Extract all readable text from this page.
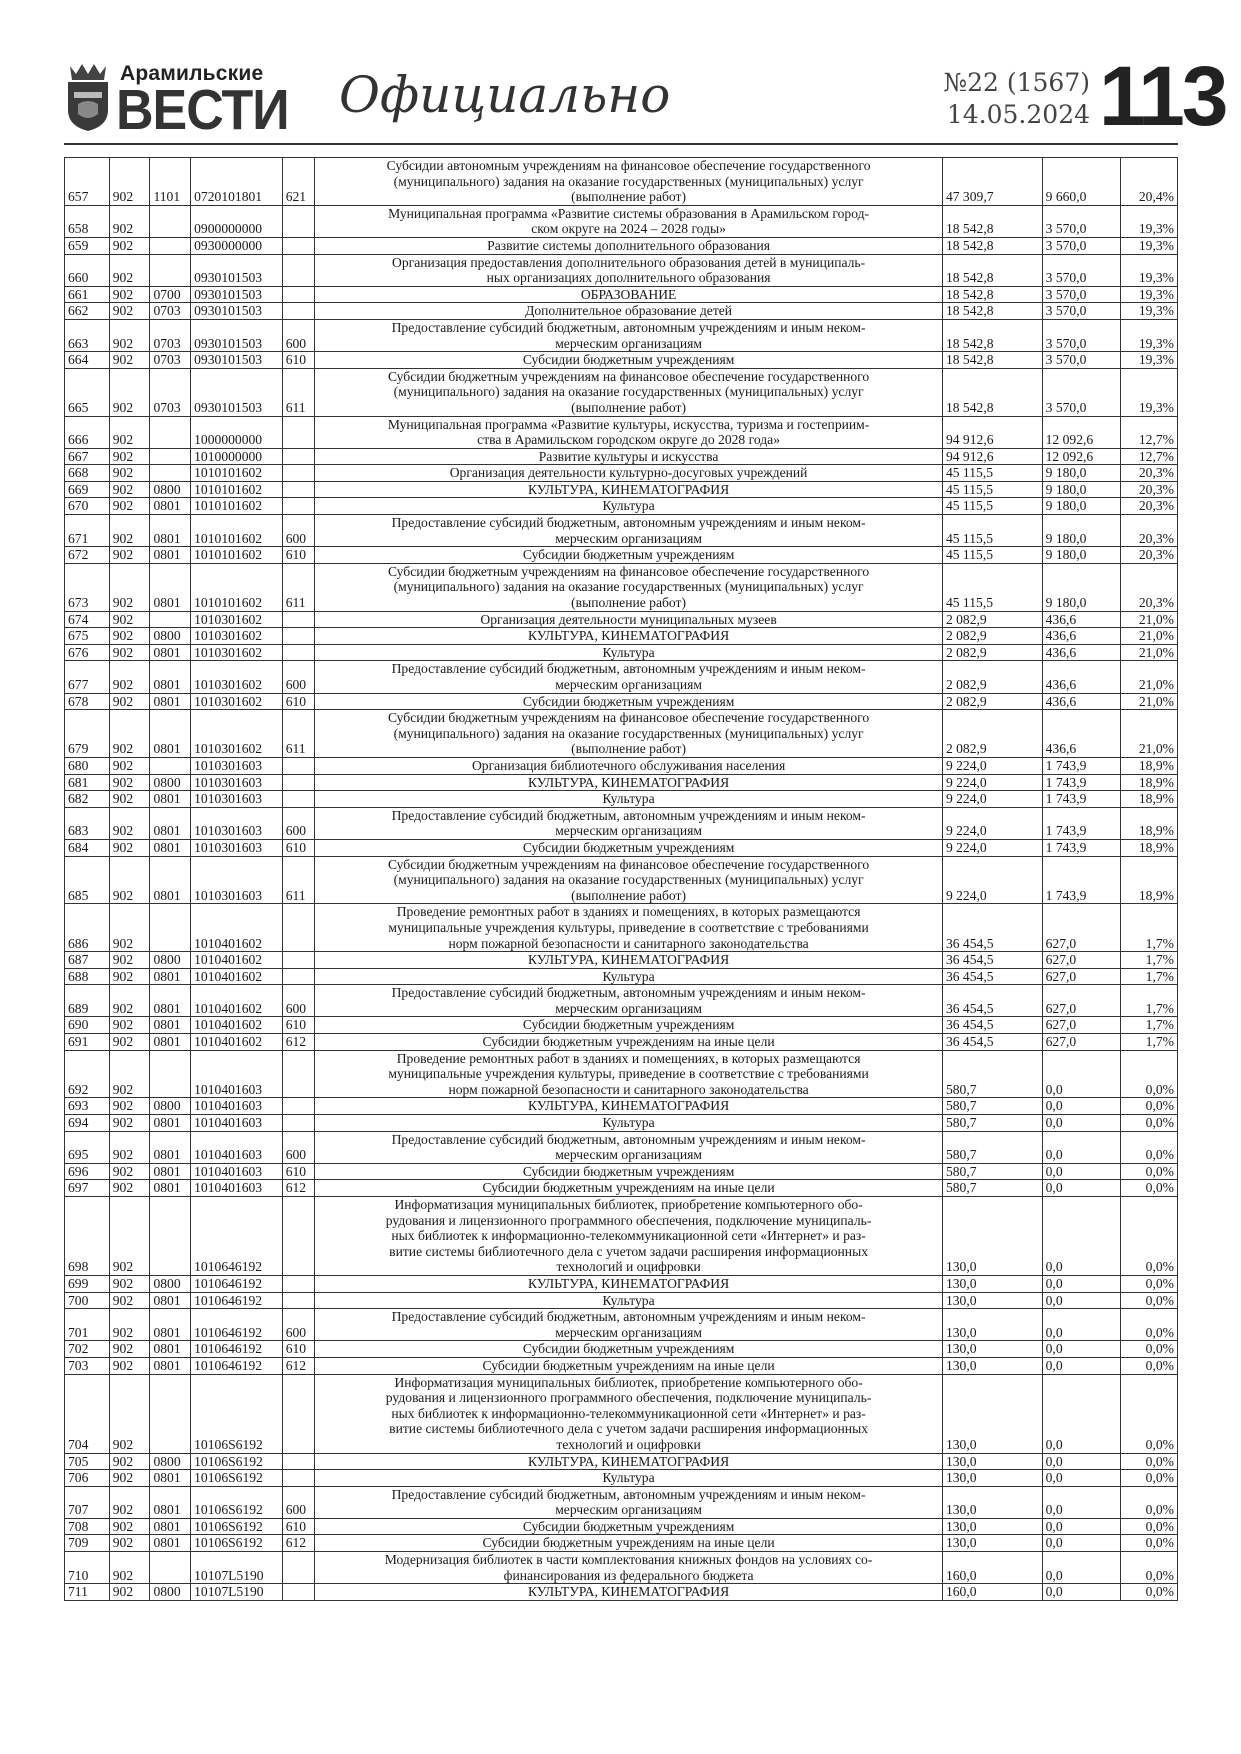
Арамильские
ВЕСТИ Официально	№22 (1567)
14.05.2024 113
657	902	1101	0720101801	621	Субсидии автономным учреждениям на финансовое обеспечение государственного
(муниципального) задания на оказание государственных (муниципальных) услуг
(выполнение работ)	47 309,7	9 660,0	20,4%
658	902		0900000000		Муниципальная программа «Развитие системы образования в Арамильском город-
ском округе на 2024 – 2028 годы»	18 542,8	3 570,0	19,3%
659	902		0930000000		Развитие системы дополнительного образования	18 542,8	3 570,0	19,3%
660	902		0930101503		Организация предоставления дополнительного образования детей в муниципаль-
ных организациях дополнительного образования	18 542,8	3 570,0	19,3%
661	902	0700	0930101503		ОБРАЗОВАНИЕ	18 542,8	3 570,0	19,3%
662	902	0703	0930101503		Дополнительное образование детей	18 542,8	3 570,0	19,3%
663	902	0703	0930101503	600	Предоставление субсидий бюджетным, автономным учреждениям и иным неком-
мерческим организациям	18 542,8	3 570,0	19,3%
664	902	0703	0930101503	610	Субсидии бюджетным учреждениям	18 542,8	3 570,0	19,3%
665	902	0703	0930101503	611	Субсидии бюджетным учреждениям на финансовое обеспечение государственного
(муниципального) задания на оказание государственных (муниципальных) услуг
(выполнение работ)	18 542,8	3 570,0	19,3%
666	902		1000000000		Муниципальная программа «Развитие культуры, искусства, туризма и гостеприим-
ства в Арамильском городском округе до 2028 года»	94 912,6	12 092,6	12,7%
667	902		1010000000		Развитие культуры и искусства	94 912,6	12 092,6	12,7%
668	902		1010101602		Организация деятельности культурно-досуговых учреждений	45 115,5	9 180,0	20,3%
669	902	0800	1010101602		КУЛЬТУРА, КИНЕМАТОГРАФИЯ	45 115,5	9 180,0	20,3%
670	902	0801	1010101602		Культура	45 115,5	9 180,0	20,3%
671	902	0801	1010101602	600	Предоставление субсидий бюджетным, автономным учреждениям и иным неком-
мерческим организациям	45 115,5	9 180,0	20,3%
672	902	0801	1010101602	610	Субсидии бюджетным учреждениям	45 115,5	9 180,0	20,3%
673	902	0801	1010101602	611	Субсидии бюджетным учреждениям на финансовое обеспечение государственного
(муниципального) задания на оказание государственных (муниципальных) услуг
(выполнение работ)	45 115,5	9 180,0	20,3%
674	902		1010301602		Организация деятельности муниципальных музеев	2 082,9	436,6	21,0%
675	902	0800	1010301602		КУЛЬТУРА, КИНЕМАТОГРАФИЯ	2 082,9	436,6	21,0%
676	902	0801	1010301602		Культура	2 082,9	436,6	21,0%
677	902	0801	1010301602	600	Предоставление субсидий бюджетным, автономным учреждениям и иным неком-
мерческим организациям	2 082,9	436,6	21,0%
678	902	0801	1010301602	610	Субсидии бюджетным учреждениям	2 082,9	436,6	21,0%
679	902	0801	1010301602	611	Субсидии бюджетным учреждениям на финансовое обеспечение государственного
(муниципального) задания на оказание государственных (муниципальных) услуг
(выполнение работ)	2 082,9	436,6	21,0%
680	902		1010301603		Организация библиотечного обслуживания населения	9 224,0	1 743,9	18,9%
681	902	0800	1010301603		КУЛЬТУРА, КИНЕМАТОГРАФИЯ	9 224,0	1 743,9	18,9%
682	902	0801	1010301603		Культура	9 224,0	1 743,9	18,9%
683	902	0801	1010301603	600	Предоставление субсидий бюджетным, автономным учреждениям и иным неком-
мерческим организациям	9 224,0	1 743,9	18,9%
684	902	0801	1010301603	610	Субсидии бюджетным учреждениям	9 224,0	1 743,9	18,9%
685	902	0801	1010301603	611	Субсидии бюджетным учреждениям на финансовое обеспечение государственного
(муниципального) задания на оказание государственных (муниципальных) услуг
(выполнение работ)	9 224,0	1 743,9	18,9%
686	902		1010401602		Проведение ремонтных работ в зданиях и помещениях, в которых размещаются
муниципальные учреждения культуры, приведение в соответствие с требованиями
норм пожарной безопасности и санитарного законодательства	36 454,5	627,0	1,7%
687	902	0800	1010401602		КУЛЬТУРА, КИНЕМАТОГРАФИЯ	36 454,5	627,0	1,7%
688	902	0801	1010401602		Культура	36 454,5	627,0	1,7%
689	902	0801	1010401602	600	Предоставление субсидий бюджетным, автономным учреждениям и иным неком-
мерческим организациям	36 454,5	627,0	1,7%
690	902	0801	1010401602	610	Субсидии бюджетным учреждениям	36 454,5	627,0	1,7%
691	902	0801	1010401602	612	Субсидии бюджетным учреждениям на иные цели	36 454,5	627,0	1,7%
692	902		1010401603		Проведение ремонтных работ в зданиях и помещениях, в которых размещаются
муниципальные учреждения культуры, приведение в соответствие с требованиями
норм пожарной безопасности и санитарного законодательства	580,7	0,0	0,0%
693	902	0800	1010401603		КУЛЬТУРА, КИНЕМАТОГРАФИЯ	580,7	0,0	0,0%
694	902	0801	1010401603		Культура	580,7	0,0	0,0%
695	902	0801	1010401603	600	Предоставление субсидий бюджетным, автономным учреждениям и иным неком-
мерческим организациям	580,7	0,0	0,0%
696	902	0801	1010401603	610	Субсидии бюджетным учреждениям	580,7	0,0	0,0%
697	902	0801	1010401603	612	Субсидии бюджетным учреждениям на иные цели	580,7	0,0	0,0%
698	902		1010646192		Информатизация муниципальных библиотек, приобретение компьютерного обо-
рудования и лицензионного программного обеспечения, подключение муниципаль-
ных библиотек к информационно-телекоммуникационной сети «Интернет» и раз-
витие системы библиотечного дела с учетом задачи расширения информационных
технологий и оцифровки	130,0	0,0	0,0%
699	902	0800	1010646192		КУЛЬТУРА, КИНЕМАТОГРАФИЯ	130,0	0,0	0,0%
700	902	0801	1010646192		Культура	130,0	0,0	0,0%
701	902	0801	1010646192	600	Предоставление субсидий бюджетным, автономным учреждениям и иным неком-
мерческим организациям	130,0	0,0	0,0%
702	902	0801	1010646192	610	Субсидии бюджетным учреждениям	130,0	0,0	0,0%
703	902	0801	1010646192	612	Субсидии бюджетным учреждениям на иные цели	130,0	0,0	0,0%
704	902		10106S6192		Информатизация муниципальных библиотек, приобретение компьютерного обо-
рудования и лицензионного программного обеспечения, подключение муниципаль-
ных библиотек к информационно-телекоммуникационной сети «Интернет» и раз-
витие системы библиотечного дела с учетом задачи расширения информационных
технологий и оцифровки	130,0	0,0	0,0%
705	902	0800	10106S6192		КУЛЬТУРА, КИНЕМАТОГРАФИЯ	130,0	0,0	0,0%
706	902	0801	10106S6192		Культура	130,0	0,0	0,0%
707	902	0801	10106S6192	600	Предоставление субсидий бюджетным, автономным учреждениям и иным неком-
мерческим организациям	130,0	0,0	0,0%
708	902	0801	10106S6192	610	Субсидии бюджетным учреждениям	130,0	0,0	0,0%
709	902	0801	10106S6192	612	Субсидии бюджетным учреждениям на иные цели	130,0	0,0	0,0%
710	902		10107L5190		Модернизация библиотек в части комплектования книжных фондов на условиях со-
финансирования из федерального бюджета	160,0	0,0	0,0%
711	902	0800	10107L5190		КУЛЬТУРА, КИНЕМАТОГРАФИЯ	160,0	0,0	0,0%
